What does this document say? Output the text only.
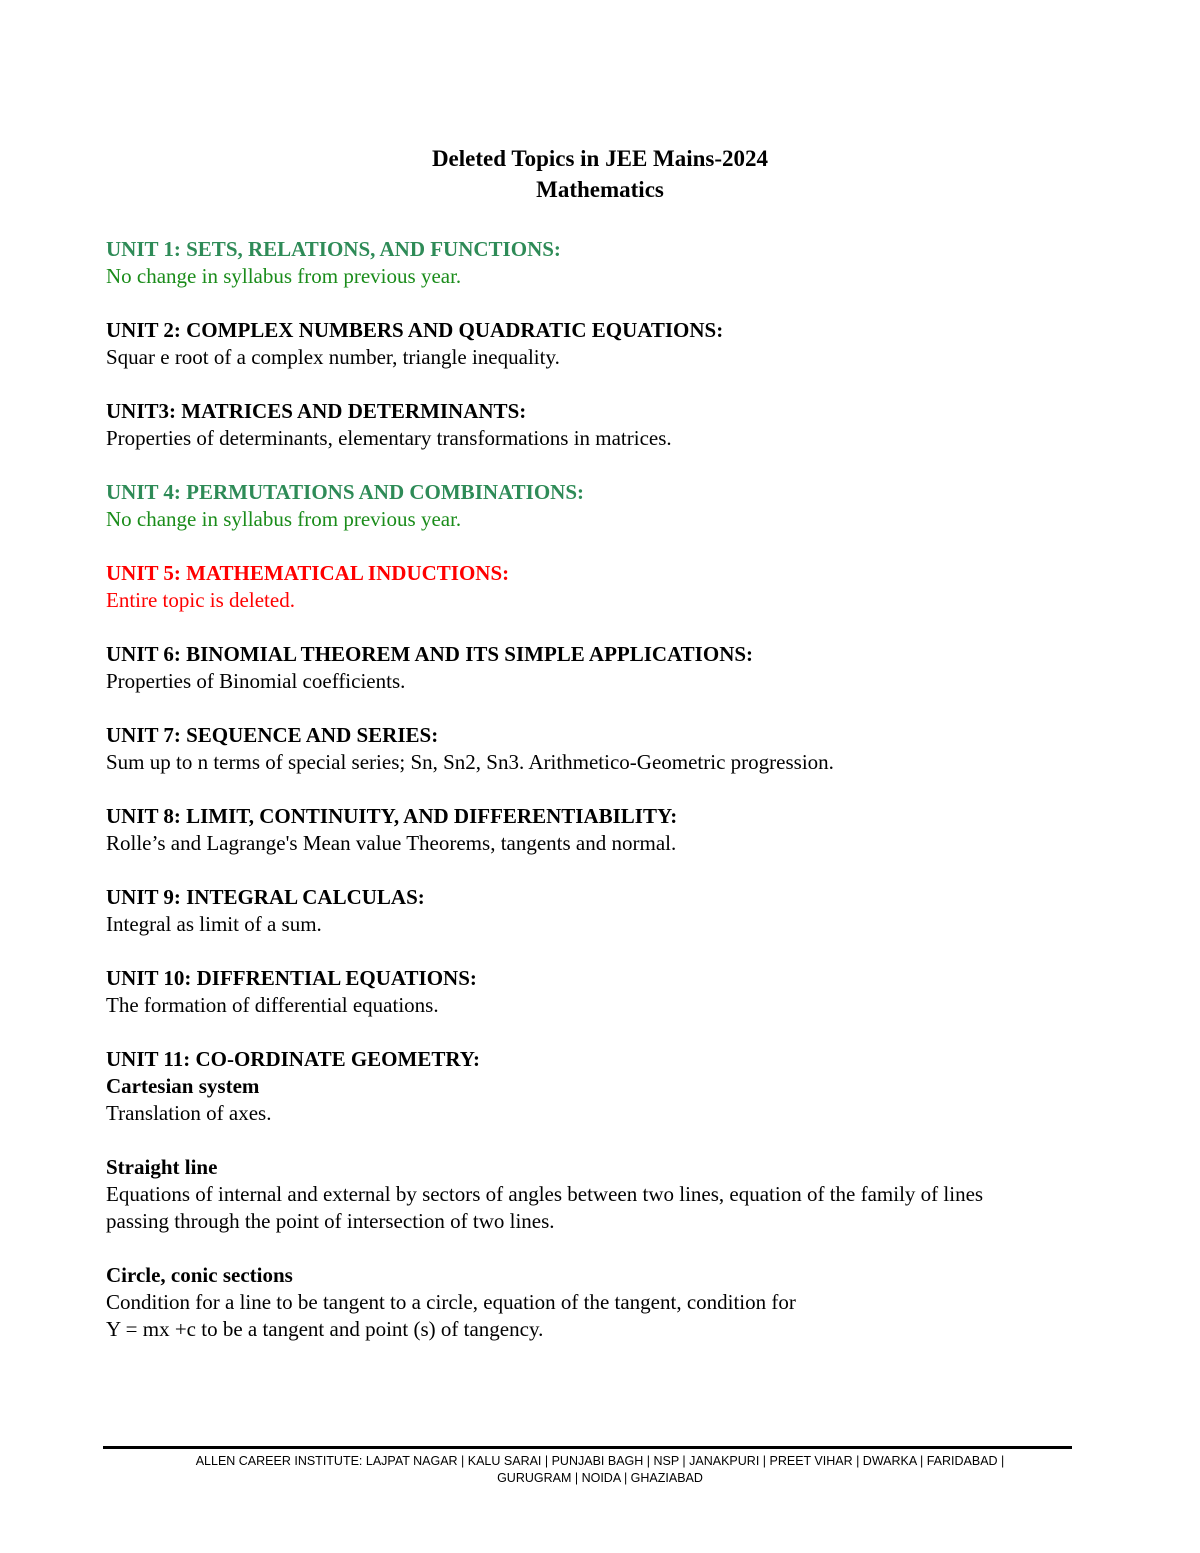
Deleted Topics in JEE Mains-2024
Mathematics
UNIT 1: SETS, RELATIONS, AND FUNCTIONS:
No change in syllabus from previous year.
UNIT 2: COMPLEX NUMBERS AND QUADRATIC EQUATIONS:
Squar e root of a complex number, triangle inequality.
UNIT3: MATRICES AND DETERMINANTS:
Properties of determinants, elementary transformations in matrices.
UNIT 4: PERMUTATIONS AND COMBINATIONS:
No change in syllabus from previous year.
UNIT 5: MATHEMATICAL INDUCTIONS:
Entire topic is deleted.
UNIT 6: BINOMIAL THEOREM AND ITS SIMPLE APPLICATIONS:
Properties of Binomial coefficients.
UNIT 7: SEQUENCE AND SERIES:
Sum up to n terms of special series; Sn, Sn2, Sn3. Arithmetico-Geometric progression.
UNIT 8: LIMIT, CONTINUITY, AND DIFFERENTIABILITY:
Rolle’s and Lagrange's Mean value Theorems, tangents and normal.
UNIT 9: INTEGRAL CALCULAS:
Integral as limit of a sum.
UNIT 10: DIFFRENTIAL EQUATIONS:
The formation of differential equations.
UNIT 11: CO-ORDINATE GEOMETRY:
Cartesian system
Translation of axes.
Straight line
Equations of internal and external by sectors of angles between two lines, equation of the family of lines
passing through the point of intersection of two lines.
Circle, conic sections
Condition for a line to be tangent to a circle, equation of the tangent, condition for
Y = mx +c to be a tangent and point (s) of tangency.
ALLEN CAREER INSTITUTE: LAJPAT NAGAR | KALU SARAI | PUNJABI BAGH | NSP | JANAKPURI | PREET VIHAR | DWARKA | FARIDABAD |
GURUGRAM | NOIDA | GHAZIABAD
